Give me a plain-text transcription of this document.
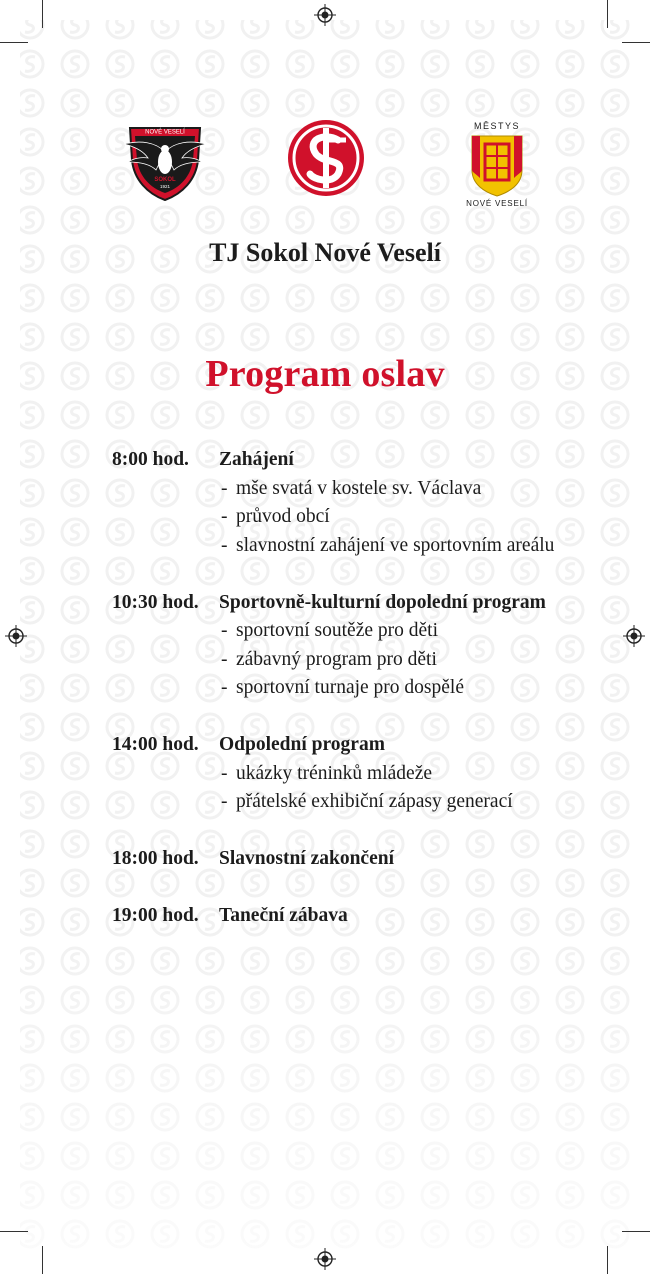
NOVÉ VESELÍ
SOKOL
1921
MĚSTYS
NOVÉ VESELÍ
TJ Sokol Nové Veselí
Program oslav
8:00 hod.	Zahájení
- mše svatá v kostele sv. Václava
- průvod obcí
- slavnostní zahájení ve sportovním areálu
10:30 hod.	Sportovně-kulturní dopolední program
- sportovní soutěže pro děti
- zábavný program pro děti
- sportovní turnaje pro dospělé
14:00 hod.	Odpolední program
- ukázky tréninků mládeže
- přátelské exhibiční zápasy generací
18:00 hod.	Slavnostní zakončení
19:00 hod.	Taneční zábava
